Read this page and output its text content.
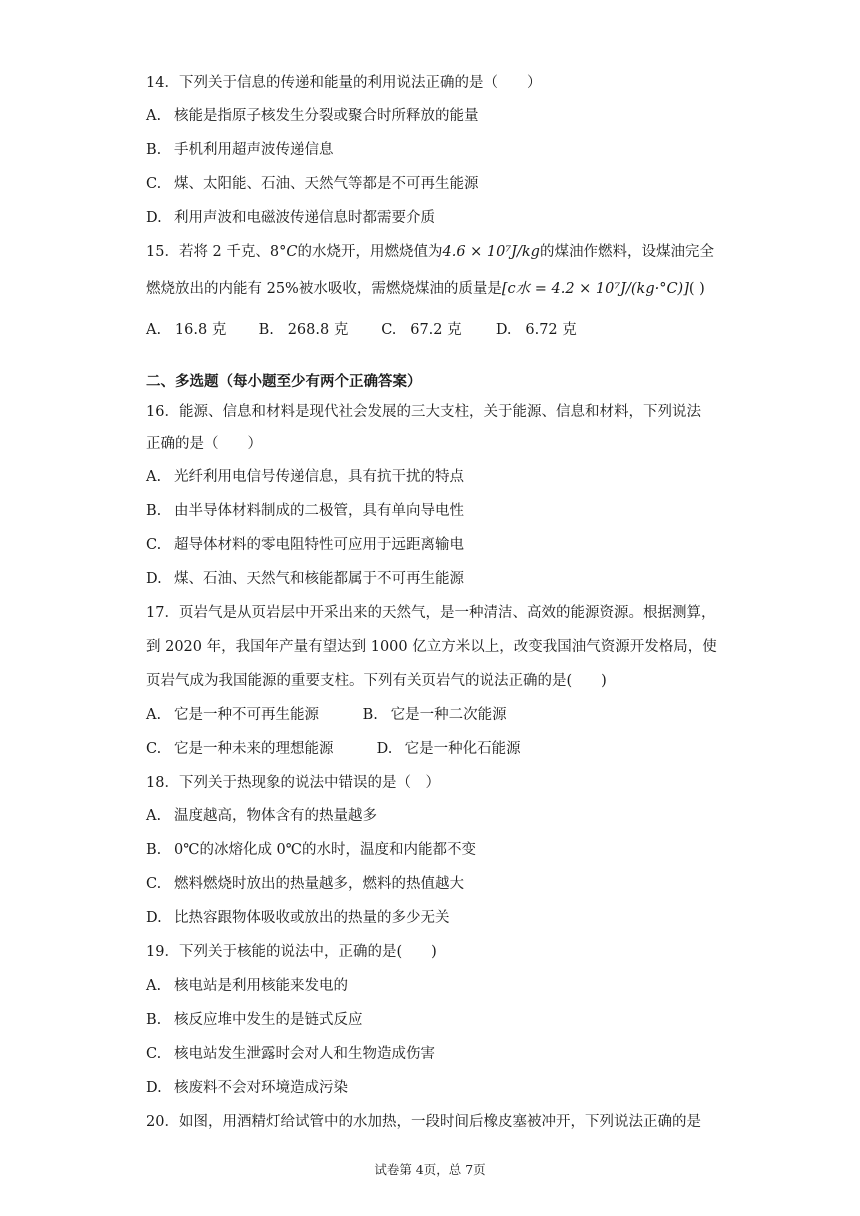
14．下列关于信息的传递和能量的利用说法正确的是（　　）
A. 核能是指原子核发生分裂或聚合时所释放的能量
B. 手机利用超声波传递信息
C. 煤、太阳能、石油、天然气等都是不可再生能源
D. 利用声波和电磁波传递信息时都需要介质
15．若将 2 千克、8°C的水烧开，用燃烧值为4.6 × 10⁷J/kg的煤油作燃料，设煤油完全
燃烧放出的内能有 25%被水吸收，需燃烧煤油的质量是[c水 = 4.2 × 10⁷J/(kg·°C)]( )
A. 16.8 克 B. 268.8 克 C. 67.2 克 D. 6.72 克
二、多选题（每小题至少有两个正确答案）
16．能源、信息和材料是现代社会发展的三大支柱，关于能源、信息和材料，下列说法
正确的是（　　）
A. 光纤利用电信号传递信息，具有抗干扰的特点
B. 由半导体材料制成的二极管，具有单向导电性
C. 超导体材料的零电阻特性可应用于远距离输电
D. 煤、石油、天然气和核能都属于不可再生能源
17．页岩气是从页岩层中开采出来的天然气，是一种清洁、高效的能源资源。根据测算，
到 2020 年，我国年产量有望达到 1000 亿立方米以上，改变我国油气资源开发格局，使
页岩气成为我国能源的重要支柱。下列有关页岩气的说法正确的是(　　)
A. 它是一种不可再生能源	B. 它是一种二次能源
C. 它是一种未来的理想能源	D. 它是一种化石能源
18．下列关于热现象的说法中错误的是（　）
A. 温度越高，物体含有的热量越多
B. 0℃的冰熔化成 0℃的水时，温度和内能都不变
C. 燃料燃烧时放出的热量越多，燃料的热值越大
D. 比热容跟物体吸收或放出的热量的多少无关
19．下列关于核能的说法中，正确的是(　　)
A. 核电站是利用核能来发电的
B. 核反应堆中发生的是链式反应
C. 核电站发生泄露时会对人和生物造成伤害
D. 核废料不会对环境造成污染
20．如图，用酒精灯给试管中的水加热，一段时间后橡皮塞被冲开，下列说法正确的是
试卷第 4页，总 7页
